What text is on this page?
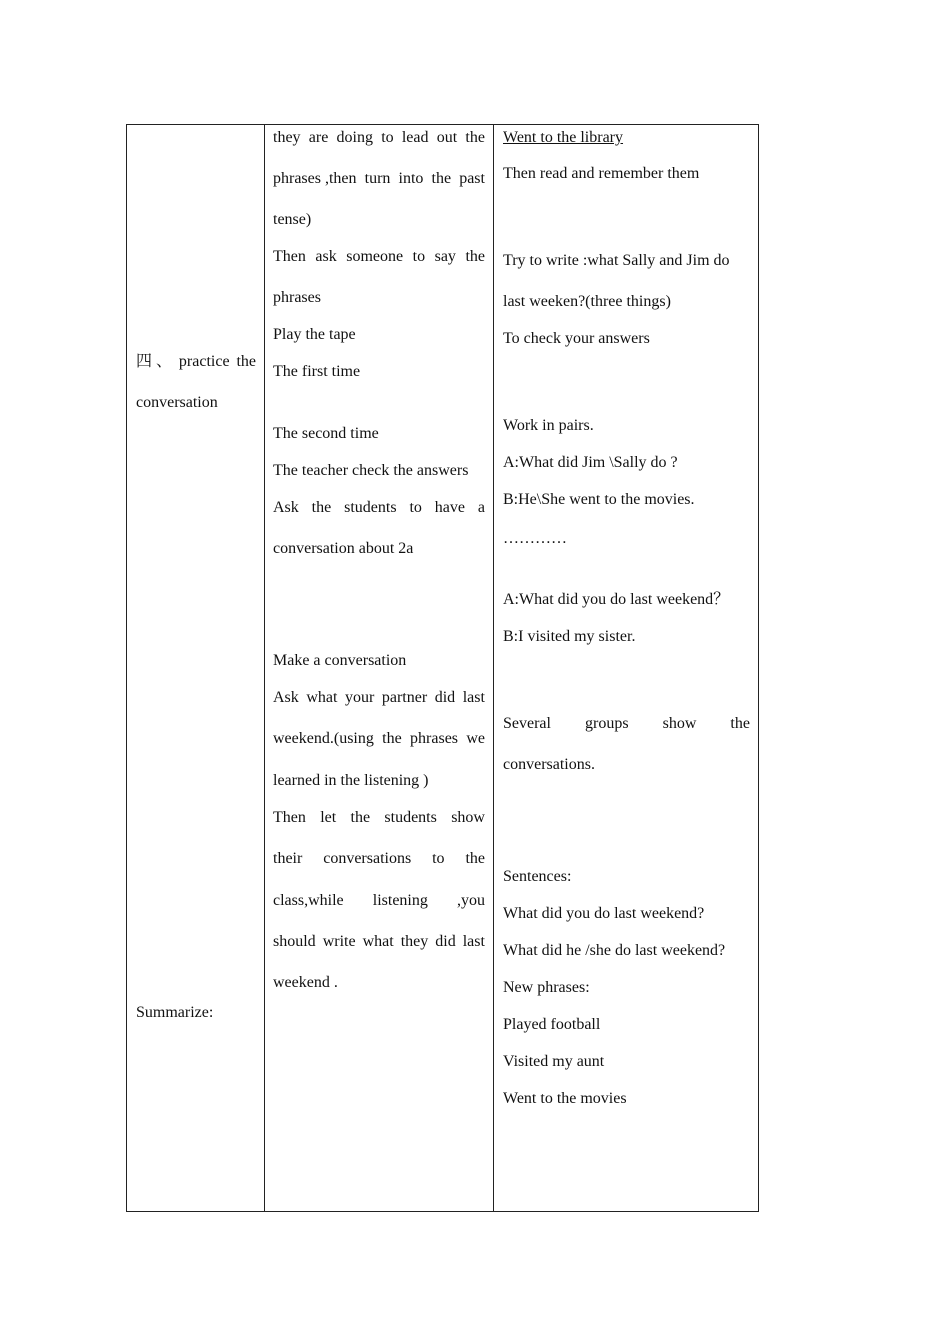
四 、 practice the
conversation
Summarize:
they are doing to lead out the
phrases ,then turn into the past
tense)
Then ask someone to say the
phrases
Play the tape
The first time
The second time
The teacher check the answers
Ask the students to have a
conversation about 2a
Make a conversation
Ask what your partner did last
weekend.(using the phrases we
learned in the listening )
Then let the students show
their conversations to the
class,while listening ,you
should write what they did last
weekend .
Went to the library
Then read and remember them
Try to write :what Sally and Jim do
last weeken?(three things)
To check your answers
Work in pairs.
A:What did Jim \Sally do ?
B:He\She went to the movies.
…………
A:What did you do last weekend？
B:I visited my sister.
Several groups show the
conversations.
Sentences:
What did you do last weekend?
What did he /she do last weekend?
New phrases:
Played football
Visited my aunt
Went to the movies
